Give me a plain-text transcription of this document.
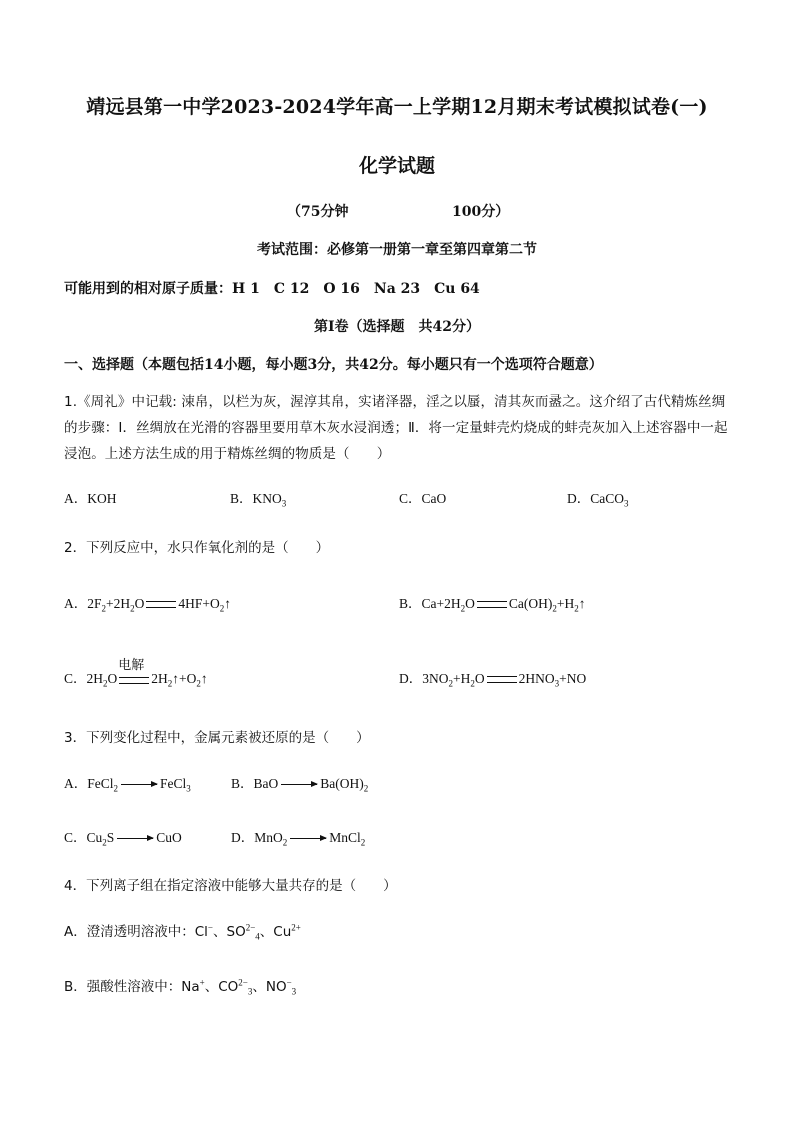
靖远县第一中学2023-2024学年高一上学期12月期末考试模拟试卷(一)
化学试题
（75分钟	100分）
考试范围：必修第一册第一章至第四章第二节
可能用到的相对原子质量：H 1　C 12　O 16　Na 23　Cu 64
第Ⅰ卷（选择题　共42分）
一、选择题（本题包括14小题，每小题3分，共42分。每小题只有一个选项符合题意）
1.《周礼》中记载: 涑帛，以栏为灰，渥淳其帛，实诸泽器，淫之以蜃，清其灰而盝之。这介绍了古代精炼丝绸的步骤：Ⅰ．丝绸放在光滑的容器里要用草木灰水浸润透；Ⅱ．将一定量蚌壳灼烧成的蚌壳灰加入上述容器中一起浸泡。上述方法生成的用于精炼丝绸的物质是（　　）
A．KOH	B．$KNO_3$	C．CaO	D．CaCO$_3$
2．下列反应中，水只作氧化剂的是（　　）
A．$2F_2+2H_2O$	$4HF+O_2↑$	B．$Ca+2H_2O$	$Ca(OH)_2+H_2↑$
C．$2H_2O$
电解
$2H_2↑+O_2↑$	D．$3NO_2+H_2O$	$2HNO_3+NO$
3．下列变化过程中，金属元素被还原的是（　　）
A．FeCl$_2$	FeCl$_3$	B．BaO	$Ba(OH)_2$
C．$Cu_2S$	CuO	D．MnO$_2$	MnCl$_2$
4．下列离子组在指定溶液中能够大量共存的是（　　）
A．澄清透明溶液中：Cl−、$SO^{2-}_4$、$Cu^{2+}$
B．强酸性溶液中：Na+、$CO^{2-}_3$、$NO^-_3$
